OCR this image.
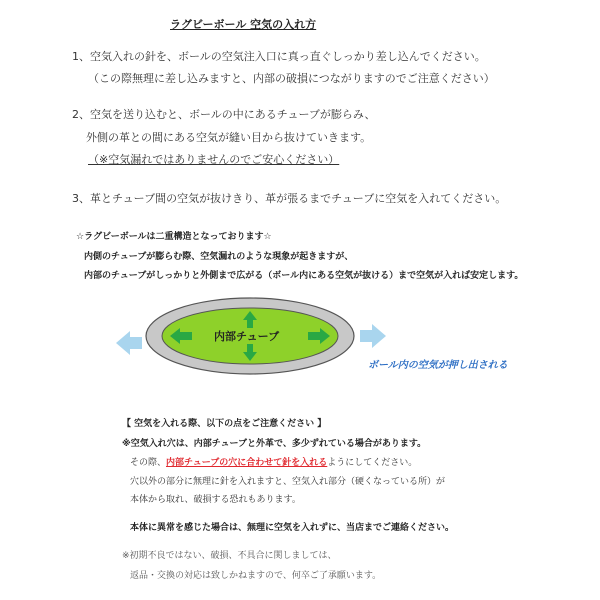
ラグビーボール 空気の入れ方
1、空気入れの針を、ボールの空気注入口に真っ直ぐしっかり差し込んでください。
（この際無理に差し込みますと、内部の破損につながりますのでご注意ください）
2、空気を送り込むと、ボールの中にあるチューブが膨らみ、
外側の革との間にある空気が縫い目から抜けていきます。
（※空気漏れではありませんのでご安心ください）
3、革とチューブ間の空気が抜けきり、革が張るまでチューブに空気を入れてください。
☆ラグビーボールは二重構造となっております☆
内側のチューブが膨らむ際、空気漏れのような現象が起きますが、
内部のチューブがしっかりと外側まで広がる（ボール内にある空気が抜ける）まで空気が入れば安定します。
内部チューブ
ボール内の空気が押し出される
【 空気を入れる際、以下の点をご注意ください 】
※空気入れ穴は、内部チューブと外革で、多少ずれている場合があります。
その際、内部チューブの穴に合わせて針を入れるようにしてください。
穴以外の部分に無理に針を入れますと、空気入れ部分（硬くなっている所）が
本体から取れ、破損する恐れもあります。
本体に異常を感じた場合は、無理に空気を入れずに、当店までご連絡ください。
※初期不良ではない、破損、不具合に関しましては、
返品・交換の対応は致しかねますので、何卒ご了承願います。
